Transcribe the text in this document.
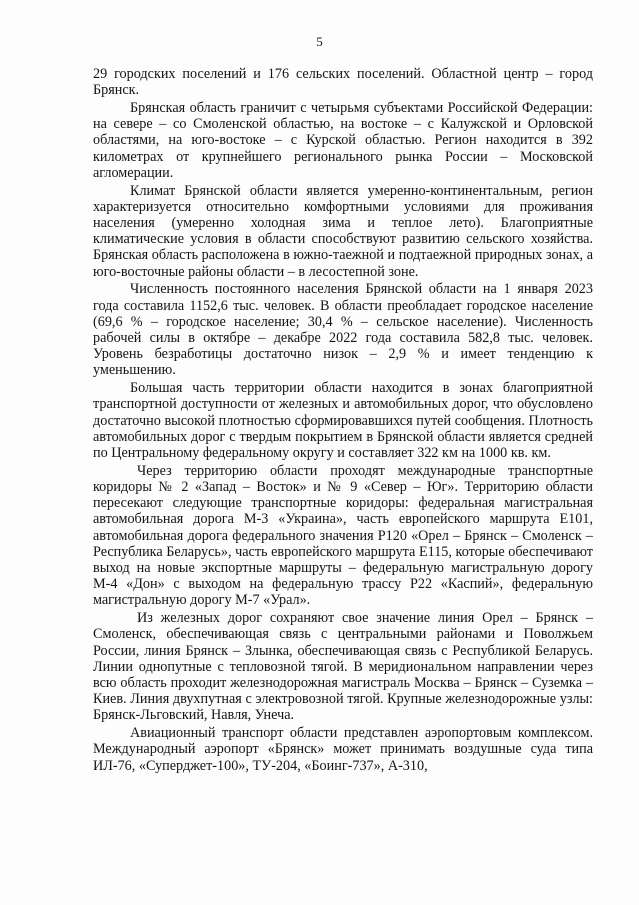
5

29 городских поселений и 176 сельских поселений. Областной центр – город Брянск.

Брянская область граничит с четырьмя субъектами Российской Федерации: на севере – со Смоленской областью, на востоке – с Калужской и Орловской областями, на юго-востоке – с Курской областью. Регион находится в 392 километрах от крупнейшего регионального рынка России – Московской агломерации.

Климат Брянской области является умеренно-континентальным, регион характеризуется относительно комфортными условиями для проживания населения (умеренно холодная зима и теплое лето). Благоприятные климатические условия в области способствуют развитию сельского хозяйства. Брянская область расположена в южно-таежной и подтаежной природных зонах, а юго-восточные районы области – в лесостепной зоне.

Численность постоянного населения Брянской области на 1 января 2023 года составила 1152,6 тыс. человек. В области преобладает городское население (69,6 % – городское население; 30,4 % – сельское население). Численность рабочей силы в октябре – декабре 2022 года составила 582,8 тыс. человек. Уровень безработицы достаточно низок – 2,9 % и имеет тенденцию к уменьшению.

Большая часть территории области находится в зонах благоприятной транспортной доступности от железных и автомобильных дорог, что обусловлено достаточно высокой плотностью сформировавшихся путей сообщения. Плотность автомобильных дорог с твердым покрытием в Брянской области является средней по Центральному федеральному округу и составляет 322 км на 1000 кв. км.

Через территорию области проходят международные транспортные коридоры № 2 «Запад – Восток» и № 9 «Север – Юг». Территорию области пересекают следующие транспортные коридоры: федеральная магистральная автомобильная дорога М-3 «Украина», часть европейского маршрута Е101, автомобильная дорога федерального значения Р120 «Орел – Брянск – Смоленск – Республика Беларусь», часть европейского маршрута Е115, которые обеспечивают выход на новые экспортные маршруты – федеральную магистральную дорогу М-4 «Дон» с выходом на федеральную трассу Р22 «Каспий», федеральную магистральную дорогу М-7 «Урал».

Из железных дорог сохраняют свое значение линия Орел – Брянск – Смоленск, обеспечивающая связь с центральными районами и Поволжьем России, линия Брянск – Злынка, обеспечивающая связь с Республикой Беларусь. Линии однопутные с тепловозной тягой. В меридиональном направлении через всю область проходит железнодорожная магистраль Москва – Брянск – Суземка – Киев. Линия двухпутная с электровозной тягой. Крупные железнодорожные узлы: Брянск-Льговский, Навля, Унеча.

Авиационный транспорт области представлен аэропортовым комплексом. Международный аэропорт «Брянск» может принимать воздушные суда типа ИЛ-76, «Суперджет-100», ТУ-204, «Боинг-737», А-310,
